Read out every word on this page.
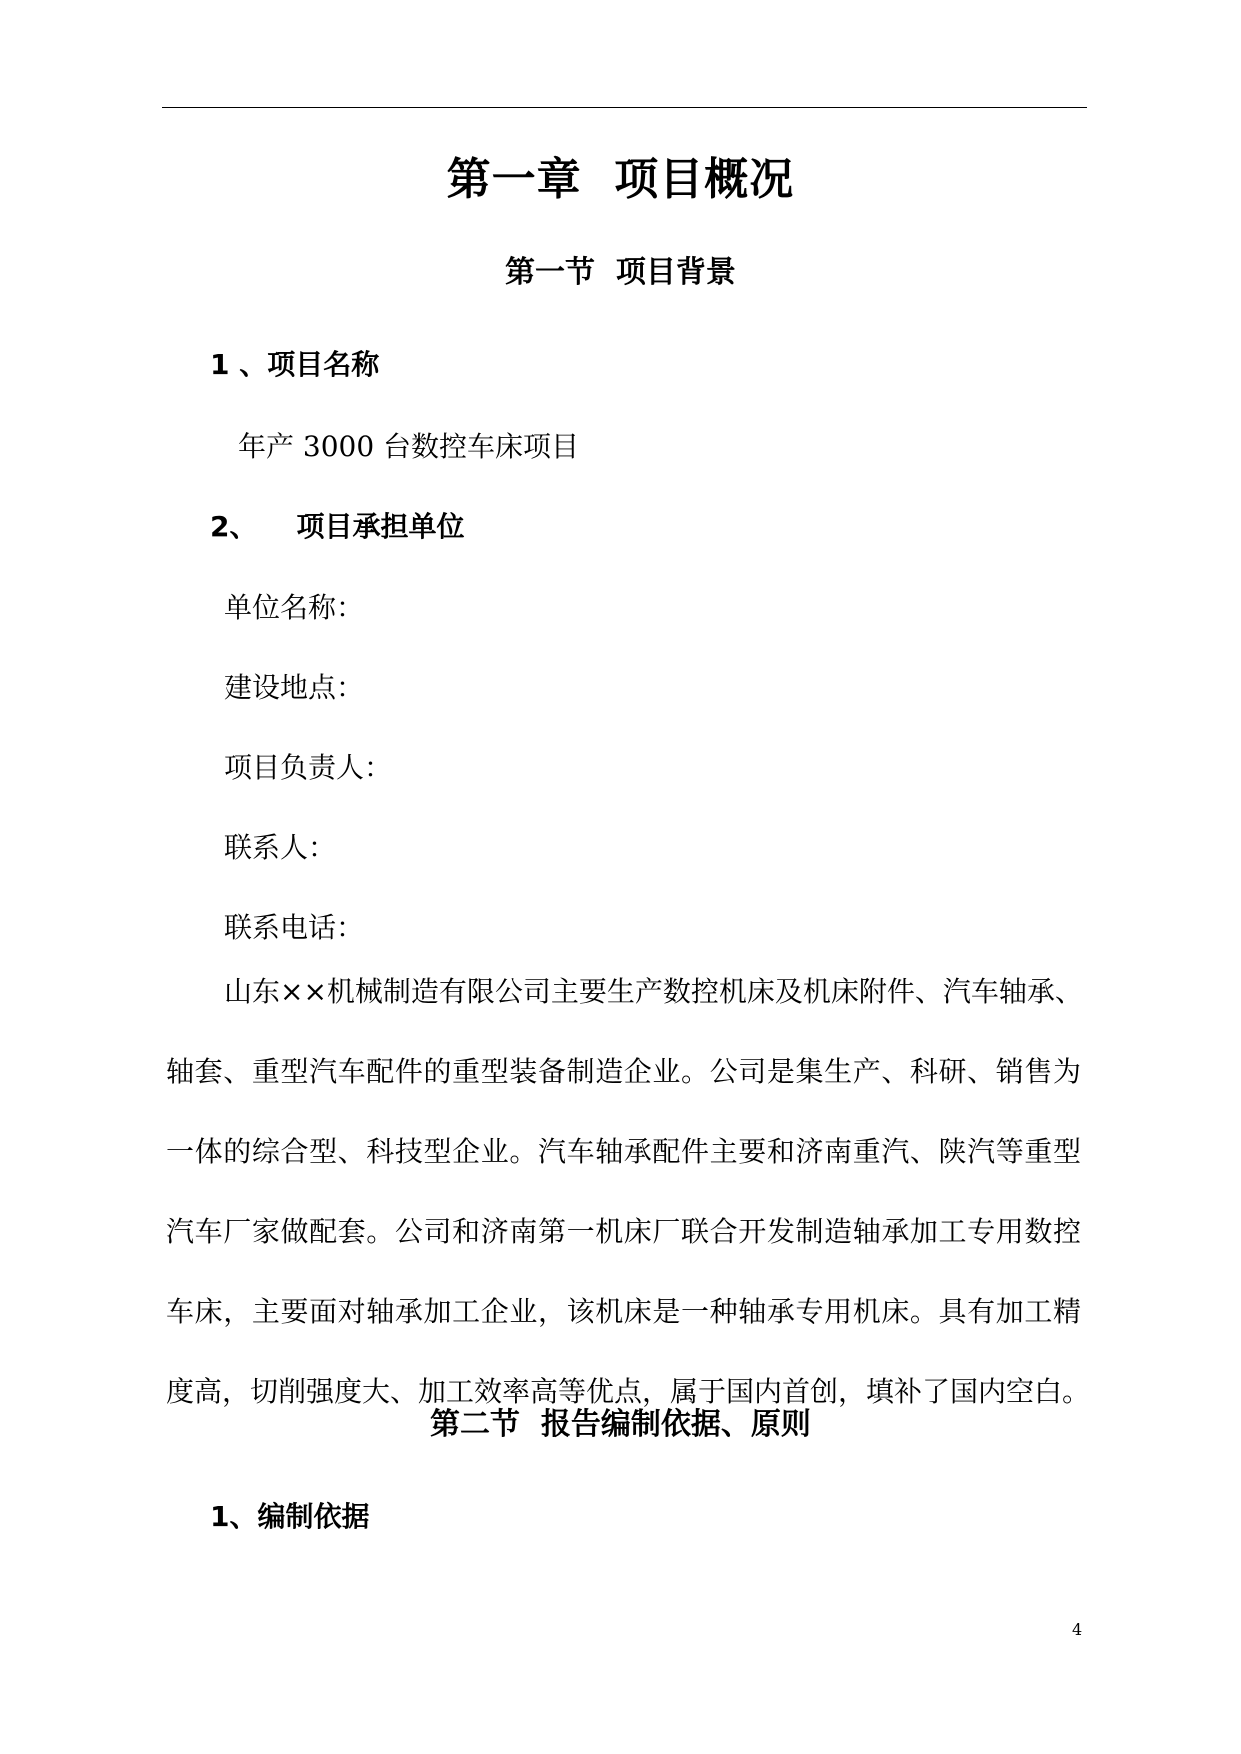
第一章  项目概况
第一节  项目背景
1 、项目名称
年产 3000 台数控车床项目
2、    项目承担单位
单位名称：
建设地点：
项目负责人：
联系人：
联系电话：
山东××机械制造有限公司主要生产数控机床及机床附件、汽车轴承、
轴套、重型汽车配件的重型装备制造企业。公司是集生产、科研、销售为
一体的综合型、科技型企业。汽车轴承配件主要和济南重汽、陕汽等重型
汽车厂家做配套。公司和济南第一机床厂联合开发制造轴承加工专用数控
车床，主要面对轴承加工企业，该机床是一种轴承专用机床。具有加工精
度高，切削强度大、加工效率高等优点，属于国内首创，填补了国内空白。
第二节  报告编制依据、原则
1、编制依据
4
